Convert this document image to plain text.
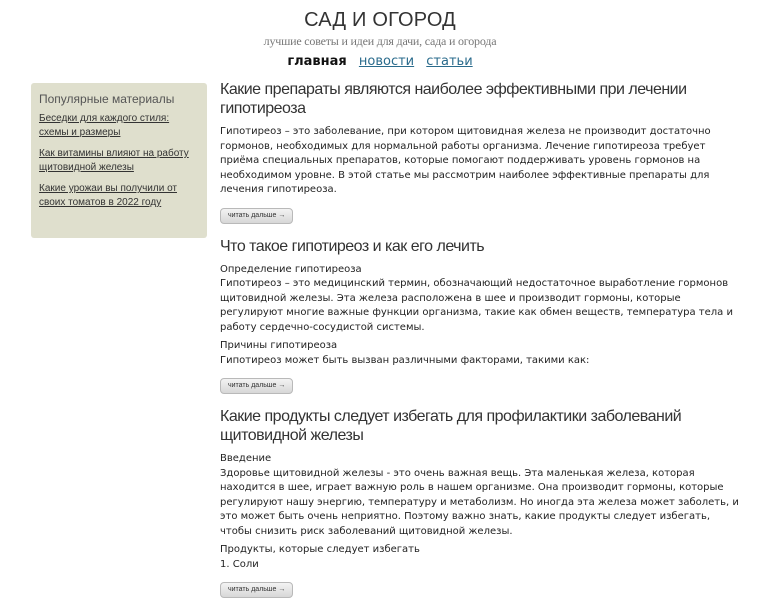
САД И ОГОРОД
лучшие советы и идеи для дачи, сада и огорода
главная новости статьи
Популярные материалы
Беседки для каждого стиля: схемы и размеры
Как витамины влияют на работу щитовидной железы
Какие урожаи вы получили от своих томатов в 2022 году
Какие препараты являются наиболее эффективными при лечении гипотиреоза

Гипотиреоз – это заболевание, при котором щитовидная железа не производит достаточно гормонов, необходимых для нормальной работы организма. Лечение гипотиреоза требует приёма специальных препаратов, которые помогают поддерживать уровень гормонов на необходимом уровне. В этой статье мы рассмотрим наиболее эффективные препараты для лечения гипотиреоза.

читать дальше →
Что такое гипотиреоз и как его лечить

Определение гипотиреоза
Гипотиреоз – это медицинский термин, обозначающий недостаточное выработление гормонов щитовидной железы. Эта железа расположена в шее и производит гормоны, которые регулируют многие важные функции организма, такие как обмен веществ, температура тела и работу сердечно-сосудистой системы.

Причины гипотиреоза
Гипотиреоз может быть вызван различными факторами, такими как:

читать дальше →
Какие продукты следует избегать для профилактики заболеваний щитовидной железы

Введение
Здоровье щитовидной железы - это очень важная вещь. Эта маленькая железа, которая находится в шее, играет важную роль в нашем организме. Она производит гормоны, которые регулируют нашу энергию, температуру и метаболизм. Но иногда эта железа может заболеть, и это может быть очень неприятно. Поэтому важно знать, какие продукты следует избегать, чтобы снизить риск заболеваний щитовидной железы.

Продукты, которые следует избегать
1. Соли

читать дальше →
